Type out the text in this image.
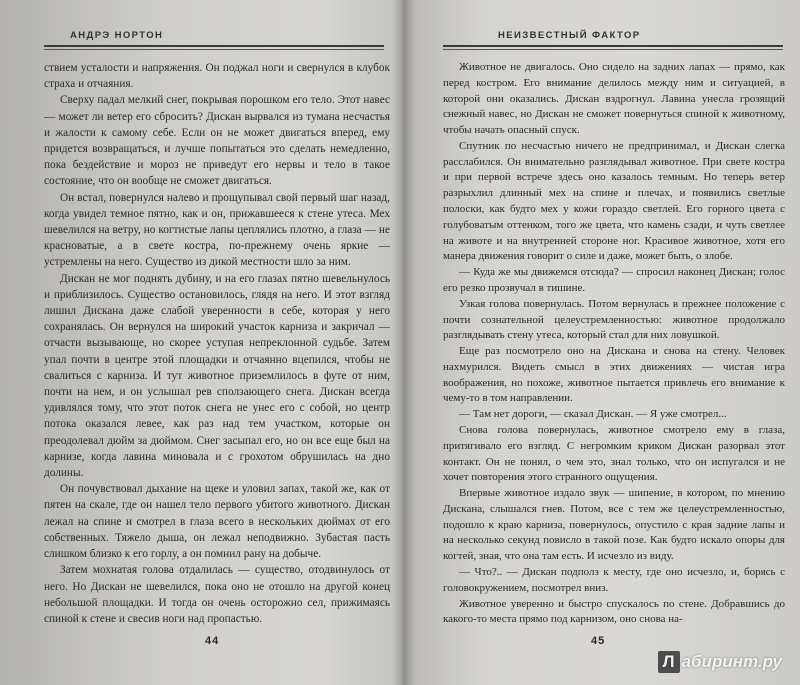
АНДРЭ НОРТОН

ствием усталости и напряжения. Он поджал ноги и свернулся в клубок страха и отчаяния.

Сверху падал мелкий снег, покрывая порошком его тело. Этот навес — может ли ветер его сбросить? Дискан вырвался из тумана несчастья и жалости к самому себе. Если он не может двигаться вперед, ему придется возвращаться, и лучше попытаться это сделать немедленно, пока бездействие и мороз не приведут его нервы и тело в такое состояние, что он вообще не сможет двигаться.

Он встал, повернулся налево и прощупывал свой первый шаг назад, когда увидел темное пятно, как и он, прижавшееся к стене утеса. Мех шевелился на ветру, но когтистые лапы цеплялись плотно, а глаза — не красноватые, а в свете костра, по-прежнему очень яркие — устремлены на него. Существо из дикой местности шло за ним.

Дискан не мог поднять дубину, и на его глазах пятно шевельнулось и приблизилось. Существо остановилось, глядя на него. И этот взгляд лишил Дискана даже слабой уверенности в себе, которая у него сохранялась. Он вернулся на широкий участок карниза и закричал — отчасти вызывающе, но скорее уступая непреклонной судьбе. Затем упал почти в центре этой площадки и отчаянно вцепился, чтобы не свалиться с карниза. И тут животное приземлилось в футе от ним, почти на нем, и он услышал рев сползающего снега. Дискан всегда удивлялся тому, что этот поток снега не унес его с собой, но центр потока оказался левее, как раз над тем участком, которые он преодолевал дюйм за дюймом. Снег засыпал его, но он все еще был на карнизе, когда лавина миновала и с грохотом обрушилась на дно долины.

Он почувствовал дыхание на щеке и уловил запах, такой же, как от пятен на скале, где он нашел тело первого убитого животного. Дискан лежал на спине и смотрел в глаза всего в нескольких дюймах от его собственных. Тяжело дыша, он лежал неподвижно. Зубастая пасть слишком близко к его горлу, а он помнил рану на добыче.

Затем мохнатая голова отдалилась — существо, отодвинулось от него. Но Дискан не шевелился, пока оно не отошло на другой конец небольшой площадки. И тогда он очень осторожно сел, прижимаясь спиной к стене и свесив ноги над пропастью.

44
НЕИЗВЕСТНЫЙ ФАКТОР

Животное не двигалось. Оно сидело на задних лапах — прямо, как перед костром. Его внимание делилось между ним и ситуацией, в которой они оказались. Дискан вздрогнул. Лавина унесла грозящий снежный навес, но Дискан не сможет повернуться спиной к животному, чтобы начать опасный спуск.

Спутник по несчастью ничего не предпринимал, и Дискан слегка расслабился. Он внимательно разглядывал животное. При свете костра и при первой встрече здесь оно казалось темным. Но теперь ветер разрыхлил длинный мех на спине и плечах, и появились светлые полоски, как будто мех у кожи гораздо светлей. Его горного цвета с голубоватым оттенком, того же цвета, что камень сзади, и чуть светлее на животе и на внутренней стороне ног. Красивое животное, хотя его манера движения говорит о силе и даже, может быть, о злобе.

— Куда же мы движемся отсюда? — спросил наконец Дискан; голос его резко прозвучал в тишине.

Узкая голова повернулась. Потом вернулась в прежнее положение с почти сознательной целеустремленностью: животное продолжало разглядывать стену утеса, который стал для них ловушкой.

Еще раз посмотрело оно на Дискана и снова на стену. Человек нахмурился. Видеть смысл в этих движениях — чистая игра воображения, но похоже, животное пытается привлечь его внимание к чему-то в том направлении.

— Там нет дороги, — сказал Дискан. — Я уже смотрел...

Снова голова повернулась, животное смотрело ему в глаза, притягивало его взгляд. С негромким криком Дискан разорвал этот контакт. Он не понял, о чем это, знал только, что он испугался и не хочет повторения этого странного ощущения.

Впервые животное издало звук — шипение, в котором, по мнению Дискана, слышался гнев. Потом, все с тем же целеустремленностью, подошло к краю карниза, повернулось, опустило с края задние лапы и на несколько секунд повисло в такой позе. Как будто искало опоры для когтей, зная, что она там есть. И исчезло из виду.

— Что?.. — Дискан подполз к месту, где оно исчезло, и, борясь с головокружением, посмотрел вниз.

Животное уверенно и быстро спускалось по стене. Добравшись до какого-то места прямо под карнизом, оно снова на-

45
Л абиринт.ру
